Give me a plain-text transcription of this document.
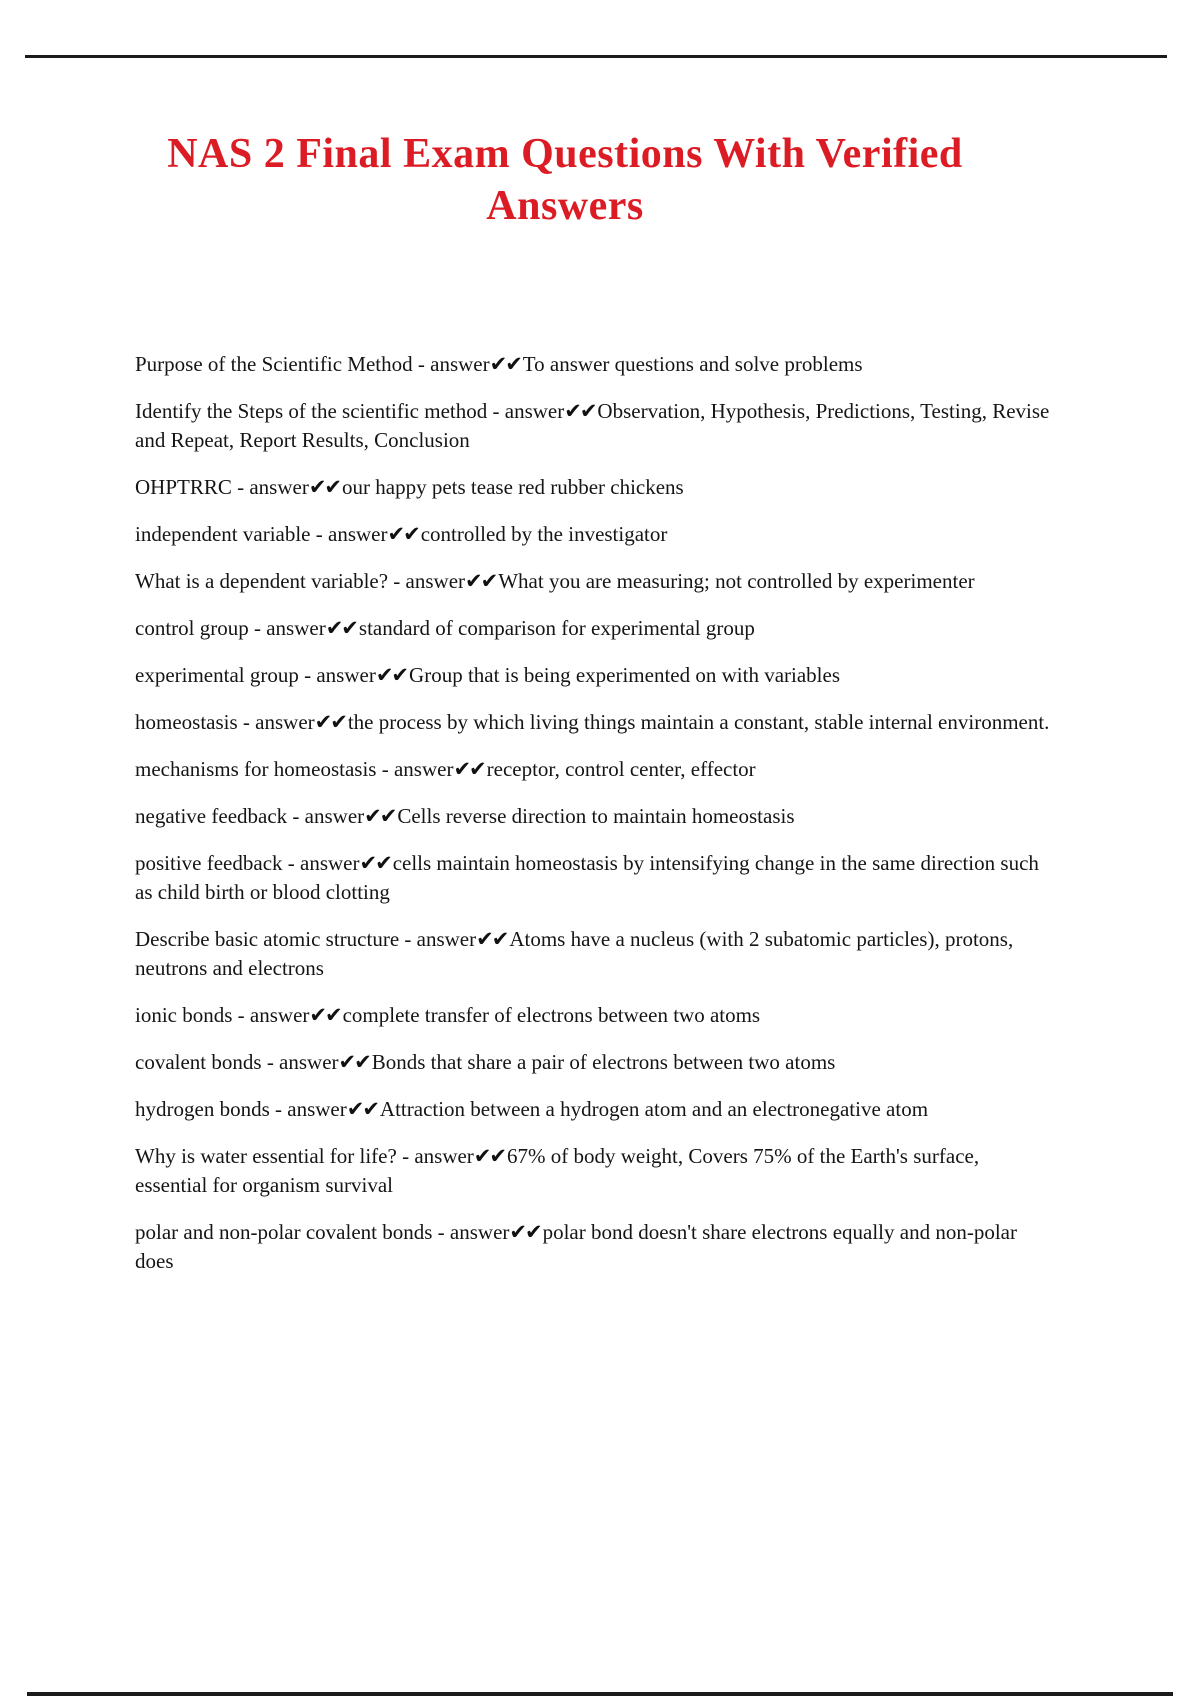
NAS 2 Final Exam Questions With Verified Answers

Purpose of the Scientific Method - answer✔✔To answer questions and solve problems

Identify the Steps of the scientific method - answer✔✔Observation, Hypothesis, Predictions, Testing, Revise and Repeat, Report Results, Conclusion

OHPTRRC - answer✔✔our happy pets tease red rubber chickens

independent variable - answer✔✔controlled by the investigator

What is a dependent variable? - answer✔✔What you are measuring; not controlled by experimenter

control group - answer✔✔standard of comparison for experimental group

experimental group - answer✔✔Group that is being experimented on with variables

homeostasis - answer✔✔the process by which living things maintain a constant, stable internal environment.

mechanisms for homeostasis - answer✔✔receptor, control center, effector

negative feedback - answer✔✔Cells reverse direction to maintain homeostasis

positive feedback - answer✔✔cells maintain homeostasis by intensifying change in the same direction such as child birth or blood clotting

Describe basic atomic structure - answer✔✔Atoms have a nucleus (with 2 subatomic particles), protons, neutrons and electrons

ionic bonds - answer✔✔complete transfer of electrons between two atoms

covalent bonds - answer✔✔Bonds that share a pair of electrons between two atoms

hydrogen bonds - answer✔✔Attraction between a hydrogen atom and an electronegative atom

Why is water essential for life? - answer✔✔67% of body weight, Covers 75% of the Earth's surface, essential for organism survival

polar and non-polar covalent bonds - answer✔✔polar bond doesn't share electrons equally and non-polar does
